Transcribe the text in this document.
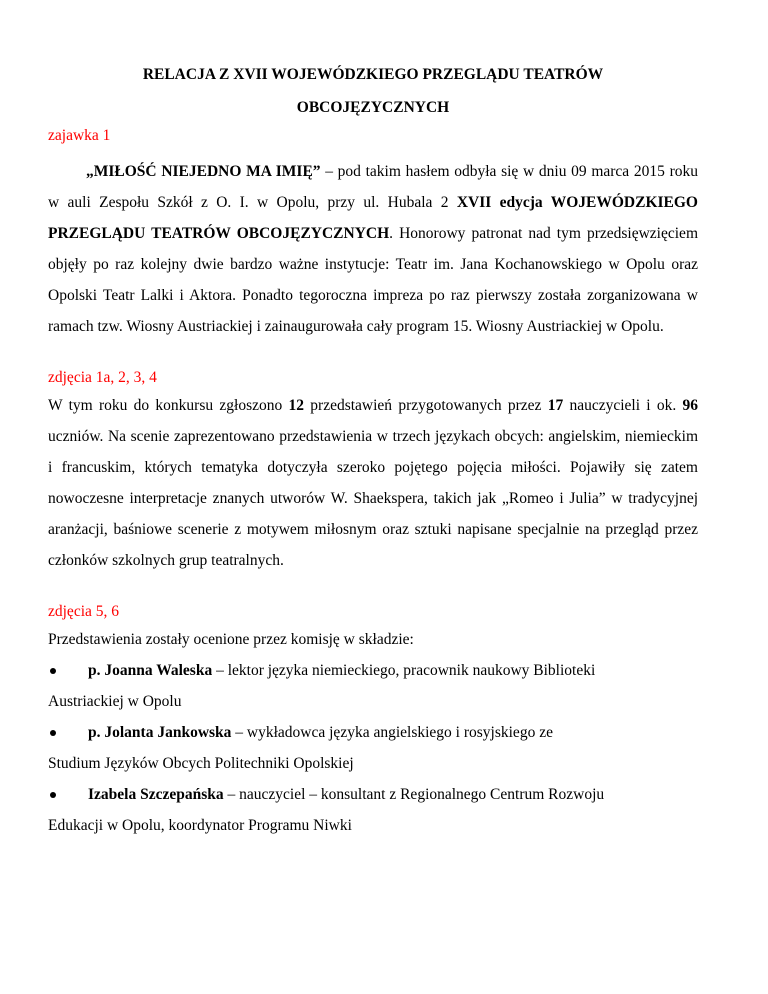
RELACJA Z XVII WOJEWÓDZKIEGO PRZEGLĄDU TEATRÓW
OBCOJĘZYCZNYCH

zajawka 1

„MIŁOŚĆ NIEJEDNO MA IMIĘ” – pod takim hasłem odbyła się w dniu 09 marca 2015 roku w auli Zespołu Szkół z O. I. w Opolu, przy ul. Hubala 2 XVII edycja WOJEWÓDZKIEGO PRZEGLĄDU TEATRÓW OBCOJĘZYCZNYCH. Honorowy patronat nad tym przedsięwzięciem objęły po raz kolejny dwie bardzo ważne instytucje: Teatr im. Jana Kochanowskiego w Opolu oraz Opolski Teatr Lalki i Aktora. Ponadto tegoroczna impreza po raz pierwszy została zorganizowana w ramach tzw. Wiosny Austriackiej i zainaugurowała cały program 15. Wiosny Austriackiej w Opolu.

zdjęcia 1a, 2, 3, 4

W tym roku do konkursu zgłoszono 12 przedstawień przygotowanych przez 17 nauczycieli i ok. 96 uczniów. Na scenie zaprezentowano przedstawienia w trzech językach obcych: angielskim, niemieckim i francuskim, których tematyka dotyczyła szeroko pojętego pojęcia miłości. Pojawiły się zatem nowoczesne interpretacje znanych utworów W. Shaekspera, takich jak „Romeo i Julia” w tradycyjnej aranżacji, baśniowe scenerie z motywem miłosnym oraz sztuki napisane specjalnie na przegląd przez członków szkolnych grup teatralnych.

zdjęcia 5, 6

Przedstawienia zostały ocenione przez komisję w składzie:

p. Joanna Waleska – lektor języka niemieckiego, pracownik naukowy Biblioteki
Austriackiej w Opolu
p. Jolanta Jankowska – wykładowca języka angielskiego i rosyjskiego ze
Studium Języków Obcych Politechniki Opolskiej
Izabela Szczepańska – nauczyciel – konsultant z Regionalnego Centrum Rozwoju
Edukacji w Opolu, koordynator Programu Niwki
